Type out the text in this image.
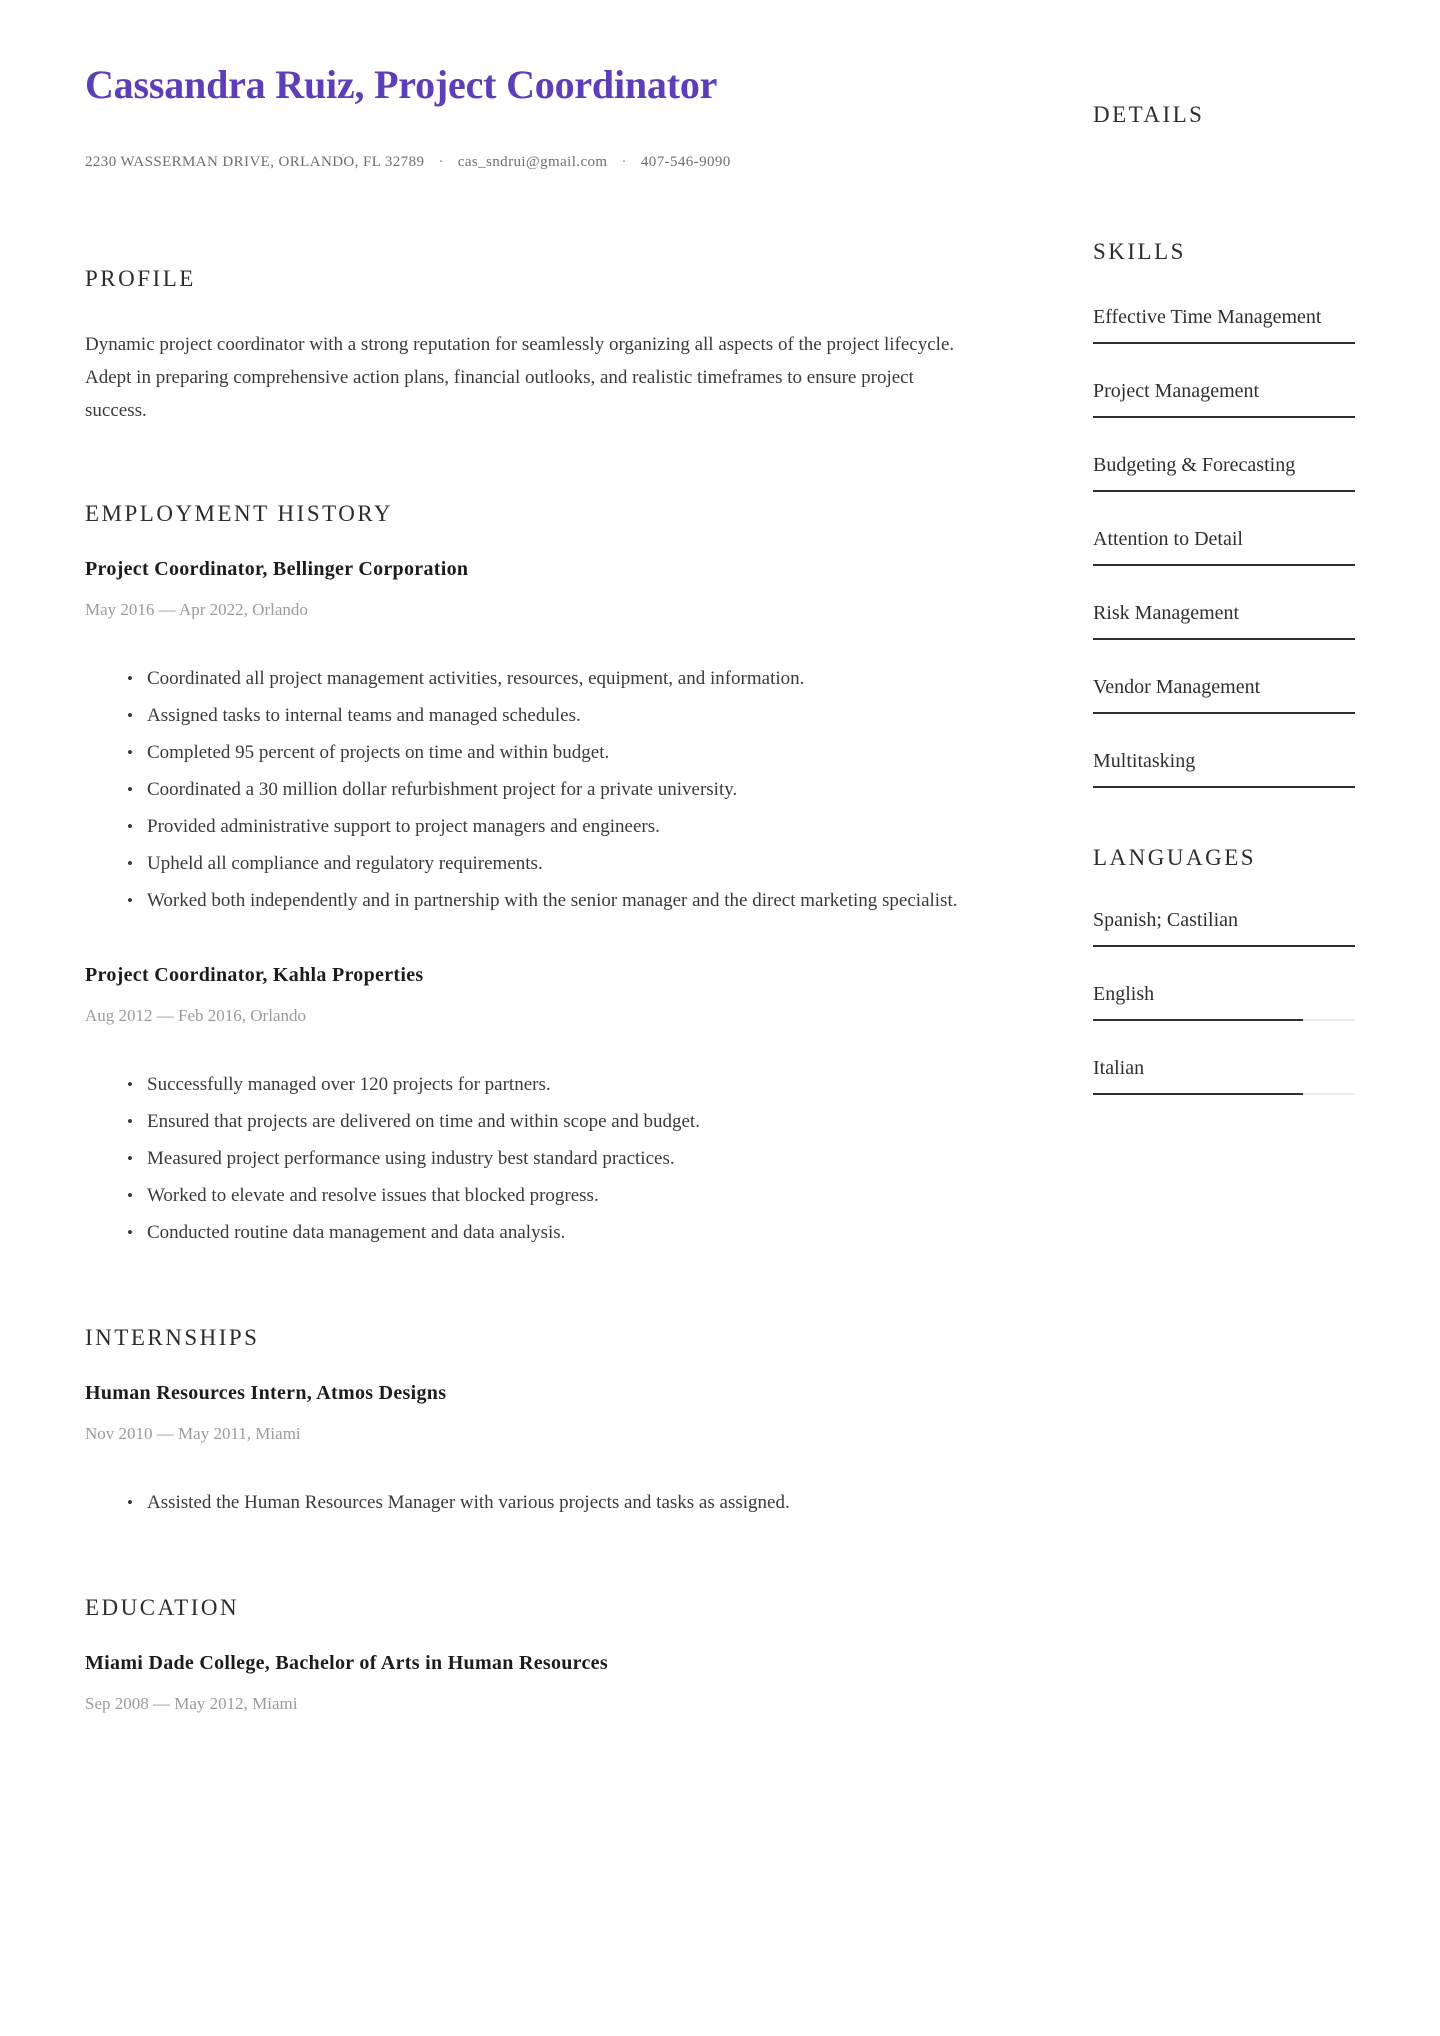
Cassandra Ruiz, Project Coordinator
2230 WASSERMAN DRIVE, ORLANDO, FL 32789 · cas_sndrui@gmail.com · 407-546-9090
PROFILE

Dynamic project coordinator with a strong reputation for seamlessly organizing all aspects of the project lifecycle. Adept in preparing comprehensive action plans, financial outlooks, and realistic timeframes to ensure project success.

EMPLOYMENT HISTORY
Project Coordinator, Bellinger Corporation
May 2016 — Apr 2022, Orlando
• Coordinated all project management activities, resources, equipment, and information.
• Assigned tasks to internal teams and managed schedules.
• Completed 95 percent of projects on time and within budget.
• Coordinated a 30 million dollar refurbishment project for a private university.
• Provided administrative support to project managers and engineers.
• Upheld all compliance and regulatory requirements.
• Worked both independently and in partnership with the senior manager and the direct marketing specialist.
Project Coordinator, Kahla Properties
Aug 2012 — Feb 2016, Orlando
• Successfully managed over 120 projects for partners.
• Ensured that projects are delivered on time and within scope and budget.
• Measured project performance using industry best standard practices.
• Worked to elevate and resolve issues that blocked progress.
• Conducted routine data management and data analysis.
INTERNSHIPS
Human Resources Intern, Atmos Designs
Nov 2010 — May 2011, Miami
• Assisted the Human Resources Manager with various projects and tasks as assigned.
EDUCATION
Miami Dade College, Bachelor of Arts in Human Resources
Sep 2008 — May 2012, Miami
DETAILS
SKILLS
Effective Time Management
Project Management
Budgeting & Forecasting
Attention to Detail
Risk Management
Vendor Management
Multitasking
LANGUAGES
Spanish; Castilian
English
Italian
